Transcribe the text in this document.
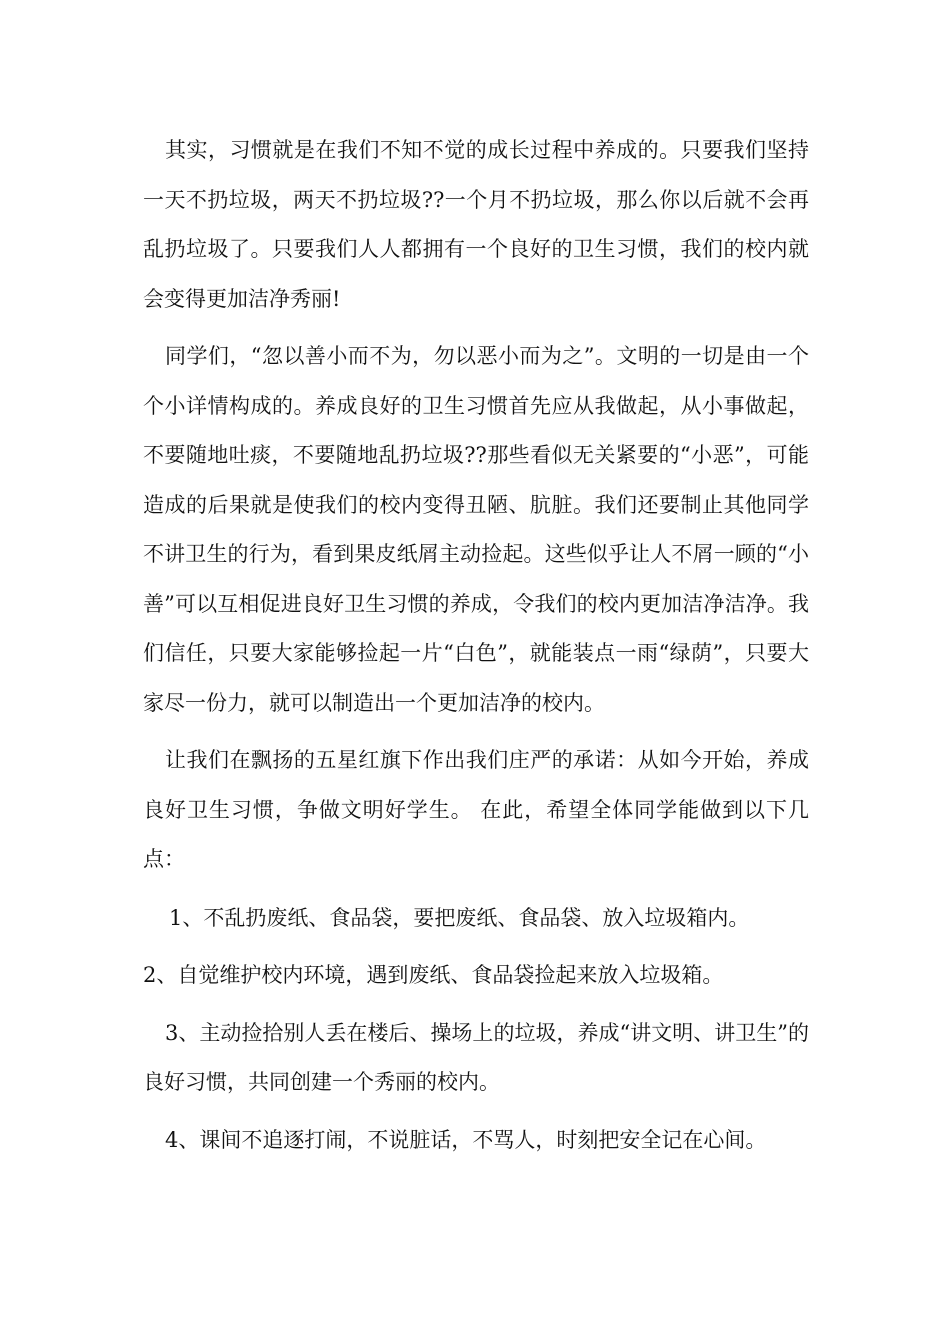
其实，习惯就是在我们不知不觉的成长过程中养成的。只要我们坚持一天不扔垃圾，两天不扔垃圾??一个月不扔垃圾，那么你以后就不会再乱扔垃圾了。只要我们人人都拥有一个良好的卫生习惯，我们的校内就会变得更加洁净秀丽!

同学们，“忽以善小而不为，勿以恶小而为之”。文明的一切是由一个个小详情构成的。养成良好的卫生习惯首先应从我做起，从小事做起，不要随地吐痰，不要随地乱扔垃圾??那些看似无关紧要的“小恶”，可能造成的后果就是使我们的校内变得丑陋、肮脏。我们还要制止其他同学不讲卫生的行为，看到果皮纸屑主动捡起。这些似乎让人不屑一顾的“小善”可以互相促进良好卫生习惯的养成，令我们的校内更加洁净洁净。我们信任，只要大家能够捡起一片“白色”，就能装点一雨“绿荫”，只要大家尽一份力，就可以制造出一个更加洁净的校内。

让我们在飘扬的五星红旗下作出我们庄严的承诺：从如今开始，养成良好卫生习惯，争做文明好学生。 在此，希望全体同学能做到以下几点：

1、不乱扔废纸、食品袋，要把废纸、食品袋、放入垃圾箱内。

2、自觉维护校内环境，遇到废纸、食品袋捡起来放入垃圾箱。

3、主动捡拾别人丢在楼后、操场上的垃圾，养成“讲文明、讲卫生”的良好习惯，共同创建一个秀丽的校内。

4、课间不追逐打闹，不说脏话，不骂人，时刻把安全记在心间。
